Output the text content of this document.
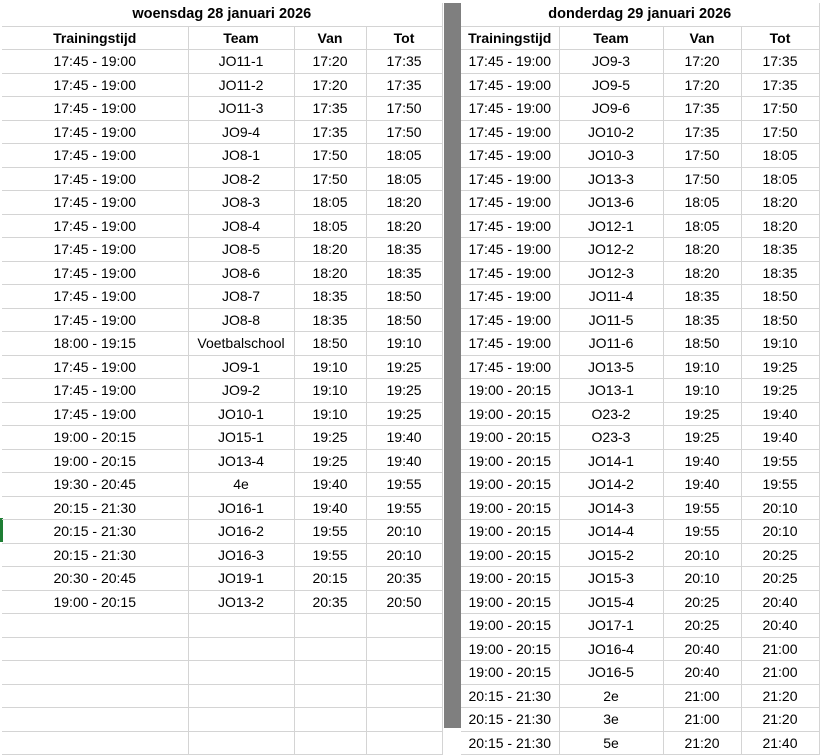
woensdag 28 januari 2026			
Trainingstijd	Team	Van	Tot
17:45 - 19:00	JO11-1	17:20	17:35
17:45 - 19:00	JO11-2	17:20	17:35
17:45 - 19:00	JO11-3	17:35	17:50
17:45 - 19:00	JO9-4	17:35	17:50
17:45 - 19:00	JO8-1	17:50	18:05
17:45 - 19:00	JO8-2	17:50	18:05
17:45 - 19:00	JO8-3	18:05	18:20
17:45 - 19:00	JO8-4	18:05	18:20
17:45 - 19:00	JO8-5	18:20	18:35
17:45 - 19:00	JO8-6	18:20	18:35
17:45 - 19:00	JO8-7	18:35	18:50
17:45 - 19:00	JO8-8	18:35	18:50
18:00 - 19:15	Voetbalschool	18:50	19:10
17:45 - 19:00	JO9-1	19:10	19:25
17:45 - 19:00	JO9-2	19:10	19:25
17:45 - 19:00	JO10-1	19:10	19:25
19:00 - 20:15	JO15-1	19:25	19:40
19:00 - 20:15	JO13-4	19:25	19:40
19:30 - 20:45	4e	19:40	19:55
20:15 - 21:30	JO16-1	19:40	19:55
20:15 - 21:30	JO16-2	19:55	20:10
20:15 - 21:30	JO16-3	19:55	20:10
20:30 - 20:45	JO19-1	20:15	20:35
19:00 - 20:15	JO13-2	20:35	20:50

donderdag 29 januari 2026			
Trainingstijd	Team	Van	Tot
17:45 - 19:00	JO9-3	17:20	17:35
17:45 - 19:00	JO9-5	17:20	17:35
17:45 - 19:00	JO9-6	17:35	17:50
17:45 - 19:00	JO10-2	17:35	17:50
17:45 - 19:00	JO10-3	17:50	18:05
17:45 - 19:00	JO13-3	17:50	18:05
17:45 - 19:00	JO13-6	18:05	18:20
17:45 - 19:00	JO12-1	18:05	18:20
17:45 - 19:00	JO12-2	18:20	18:35
17:45 - 19:00	JO12-3	18:20	18:35
17:45 - 19:00	JO11-4	18:35	18:50
17:45 - 19:00	JO11-5	18:35	18:50
17:45 - 19:00	JO11-6	18:50	19:10
17:45 - 19:00	JO13-5	19:10	19:25
19:00 - 20:15	JO13-1	19:10	19:25
19:00 - 20:15	O23-2	19:25	19:40
19:00 - 20:15	O23-3	19:25	19:40
19:00 - 20:15	JO14-1	19:40	19:55
19:00 - 20:15	JO14-2	19:40	19:55
19:00 - 20:15	JO14-3	19:55	20:10
19:00 - 20:15	JO14-4	19:55	20:10
19:00 - 20:15	JO15-2	20:10	20:25
19:00 - 20:15	JO15-3	20:10	20:25
19:00 - 20:15	JO15-4	20:25	20:40
19:00 - 20:15	JO17-1	20:25	20:40
19:00 - 20:15	JO16-4	20:40	21:00
19:00 - 20:15	JO16-5	20:40	21:00
20:15 - 21:30	2e	21:00	21:20
20:15 - 21:30	3e	21:00	21:20
20:15 - 21:30	5e	21:20	21:40
